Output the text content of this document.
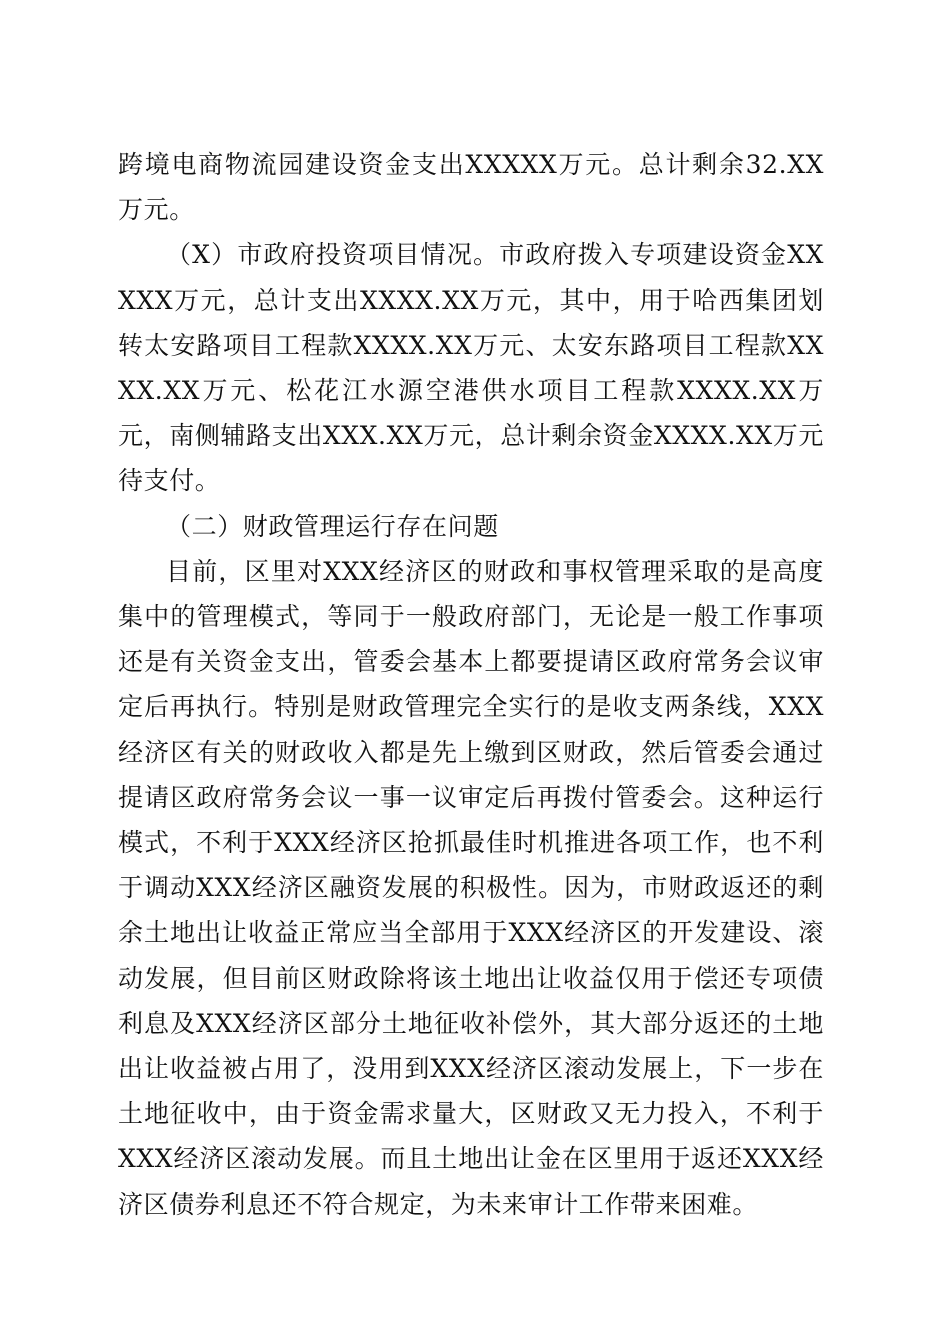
跨境电商物流园建设资金支出XXXXX万元。总计剩余32.XX万元。

（X）市政府投资项目情况。市政府拨入专项建设资金XXXXX万元，总计支出XXXX.XX万元，其中，用于哈西集团划转太安路项目工程款XXXX.XX万元、太安东路项目工程款XXXX.XX万元、松花江水源空港供水项目工程款XXXX.XX万元，南侧辅路支出XXX.XX万元，总计剩余资金XXXX.XX万元待支付。

（二）财政管理运行存在问题

目前，区里对XXX经济区的财政和事权管理采取的是高度集中的管理模式，等同于一般政府部门，无论是一般工作事项还是有关资金支出，管委会基本上都要提请区政府常务会议审定后再执行。特别是财政管理完全实行的是收支两条线，XXX经济区有关的财政收入都是先上缴到区财政，然后管委会通过提请区政府常务会议一事一议审定后再拨付管委会。这种运行模式，不利于XXX经济区抢抓最佳时机推进各项工作，也不利于调动XXX经济区融资发展的积极性。因为，市财政返还的剩余土地出让收益正常应当全部用于XXX经济区的开发建设、滚动发展，但目前区财政除将该土地出让收益仅用于偿还专项债利息及XXX经济区部分土地征收补偿外，其大部分返还的土地出让收益被占用了，没用到XXX经济区滚动发展上，下一步在土地征收中，由于资金需求量大，区财政又无力投入，不利于XXX经济区滚动发展。而且土地出让金在区里用于返还XXX经济区债券利息还不符合规定，为未来审计工作带来困难。
